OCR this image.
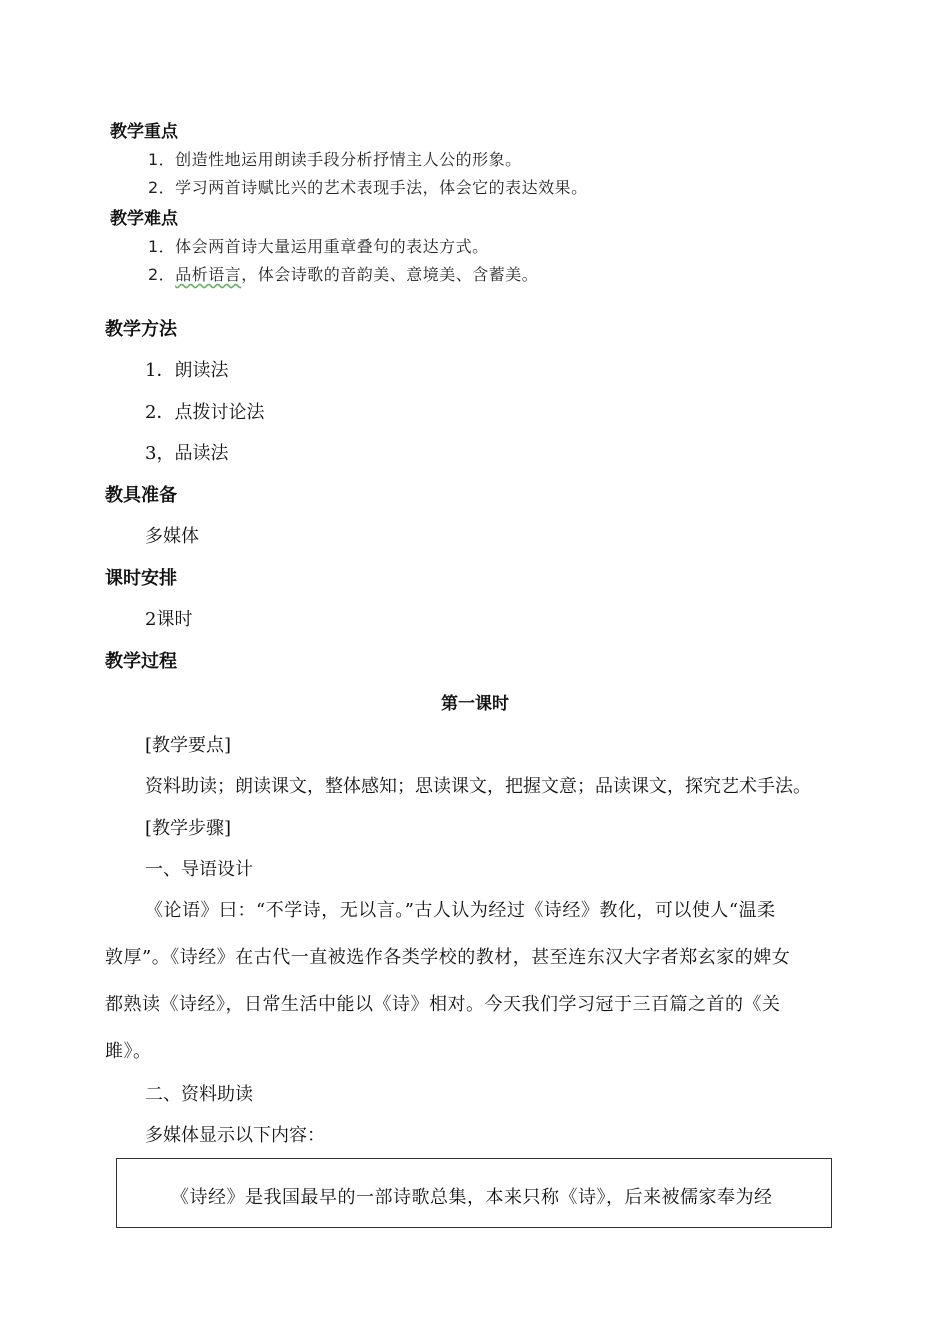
教学重点
1．创造性地运用朗读手段分析抒情主人公的形象。
2．学习两首诗赋比兴的艺术表现手法，体会它的表达效果。
教学难点
1．体会两首诗大量运用重章叠句的表达方式。
2．品析语言，体会诗歌的音韵美、意境美、含蓄美。
教学方法
1．朗读法
2．点拨讨论法
3，品读法
教具准备
多媒体
课时安排
2课时
教学过程
第一课时
[教学要点]
资料助读；朗读课文，整体感知；思读课文，把握文意；品读课文，探究艺术手法。
[教学步骤]
一、导语设计
《论语》曰：“不学诗，无以言。”古人认为经过《诗经》教化，可以使人“温柔
敦厚”。《诗经》在古代一直被选作各类学校的教材，甚至连东汉大字者郑玄家的婢女
都熟读《诗经》，日常生活中能以《诗》相对。今天我们学习冠于三百篇之首的《关
雎》。
二、资料助读
多媒体显示以下内容：
《诗经》是我国最早的一部诗歌总集，本来只称《诗》，后来被儒家奉为经
